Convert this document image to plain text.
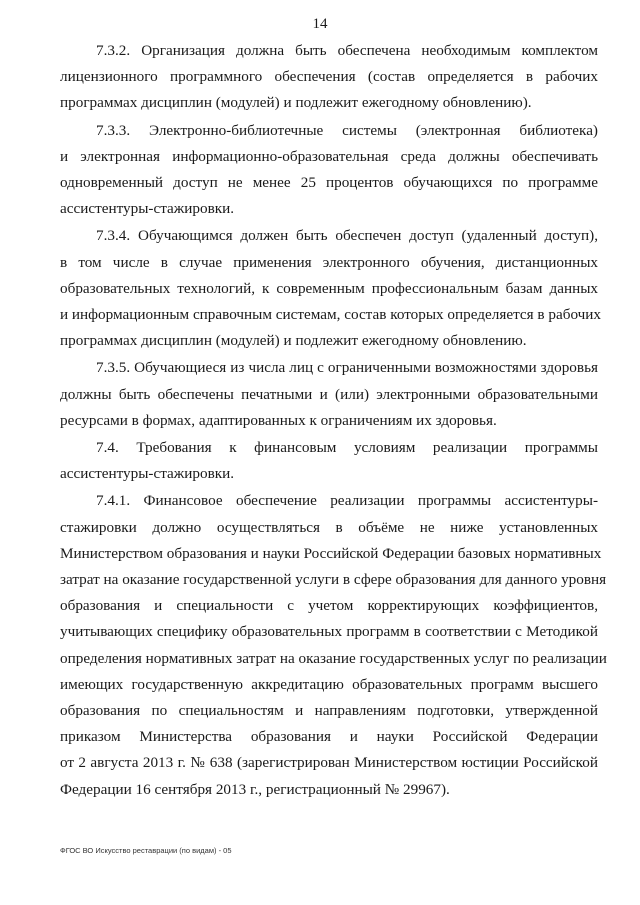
14
7.3.2. Организация должна быть обеспечена необходимым комплектом
лицензионного программного обеспечения (состав определяется в рабочих
программах дисциплин (модулей) и подлежит ежегодному обновлению).
7.3.3. Электронно-библиотечные системы (электронная библиотека)
и электронная информационно-образовательная среда должны обеспечивать
одновременный доступ не менее 25 процентов обучающихся по программе
ассистентуры-стажировки.
7.3.4. Обучающимся должен быть обеспечен доступ (удаленный доступ),
в том числе в случае применения электронного обучения, дистанционных
образовательных технологий, к современным профессиональным базам данных
и информационным справочным системам, состав которых определяется в рабочих
программах дисциплин (модулей) и подлежит ежегодному обновлению.
7.3.5. Обучающиеся из числа лиц с ограниченными возможностями здоровья
должны быть обеспечены печатными и (или) электронными образовательными
ресурсами в формах, адаптированных к ограничениям их здоровья.
7.4. Требования к финансовым условиям реализации программы
ассистентуры-стажировки.
7.4.1. Финансовое обеспечение реализации программы ассистентуры-
стажировки должно осуществляться в объёме не ниже установленных
Министерством образования и науки Российской Федерации базовых нормативных
затрат на оказание государственной услуги в сфере образования для данного уровня
образования и специальности с учетом корректирующих коэффициентов,
учитывающих специфику образовательных программ в соответствии с Методикой
определения нормативных затрат на оказание государственных услуг по реализации
имеющих государственную аккредитацию образовательных программ высшего
образования по специальностям и направлениям подготовки, утвержденной
приказом Министерства образования и науки Российской Федерации
от 2 августа 2013 г. № 638 (зарегистрирован Министерством юстиции Российской
Федерации 16 сентября 2013 г., регистрационный № 29967).
ФГОС ВО Искусство реставрации (по видам) - 05
